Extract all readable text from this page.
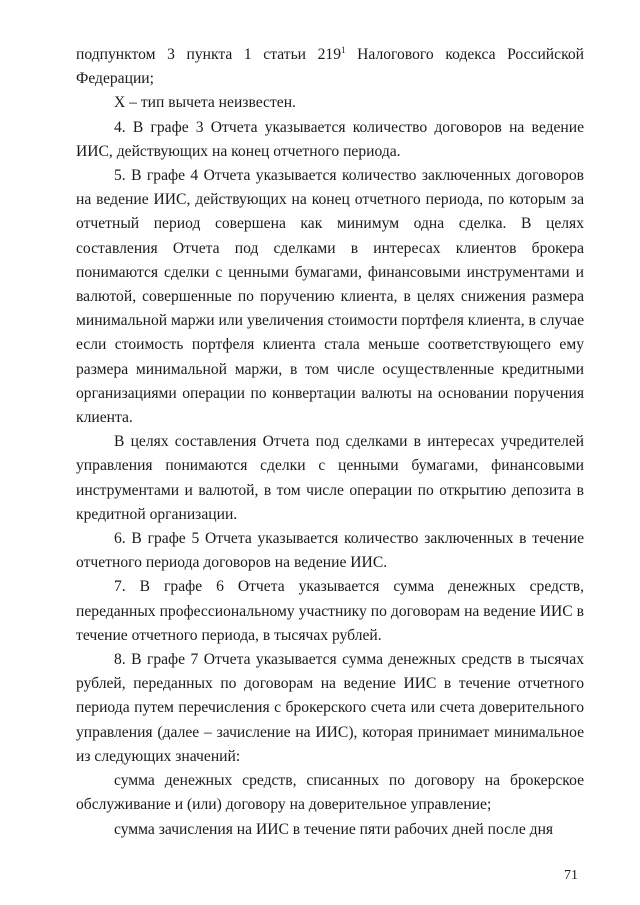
подпунктом 3 пункта 1 статьи $219^1$ Налогового кодекса Российской Федерации;

X – тип вычета неизвестен.

4. В графе 3 Отчета указывается количество договоров на ведение ИИС, действующих на конец отчетного периода.

5. В графе 4 Отчета указывается количество заключенных договоров на ведение ИИС, действующих на конец отчетного периода, по которым за отчетный период совершена как минимум одна сделка. В целях составления Отчета под сделками в интересах клиентов брокера понимаются сделки с ценными бумагами, финансовыми инструментами и валютой, совершенные по поручению клиента, в целях снижения размера минимальной маржи или увеличения стоимости портфеля клиента, в случае если стоимость портфеля клиента стала меньше соответствующего ему размера минимальной маржи, в том числе осуществленные кредитными организациями операции по конвертации валюты на основании поручения клиента.

В целях составления Отчета под сделками в интересах учредителей управления понимаются сделки с ценными бумагами, финансовыми инструментами и валютой, в том числе операции по открытию депозита в кредитной организации.

6. В графе 5 Отчета указывается количество заключенных в течение отчетного периода договоров на ведение ИИС.

7. В графе 6 Отчета указывается сумма денежных средств, переданных профессиональному участнику по договорам на ведение ИИС в течение отчетного периода, в тысячах рублей.

8. В графе 7 Отчета указывается сумма денежных средств в тысячах рублей, переданных по договорам на ведение ИИС в течение отчетного периода путем перечисления с брокерского счета или счета доверительного управления (далее – зачисление на ИИС), которая принимает минимальное из следующих значений:

сумма денежных средств, списанных по договору на брокерское обслуживание и (или) договору на доверительное управление;

сумма зачисления на ИИС в течение пяти рабочих дней после дня

71
